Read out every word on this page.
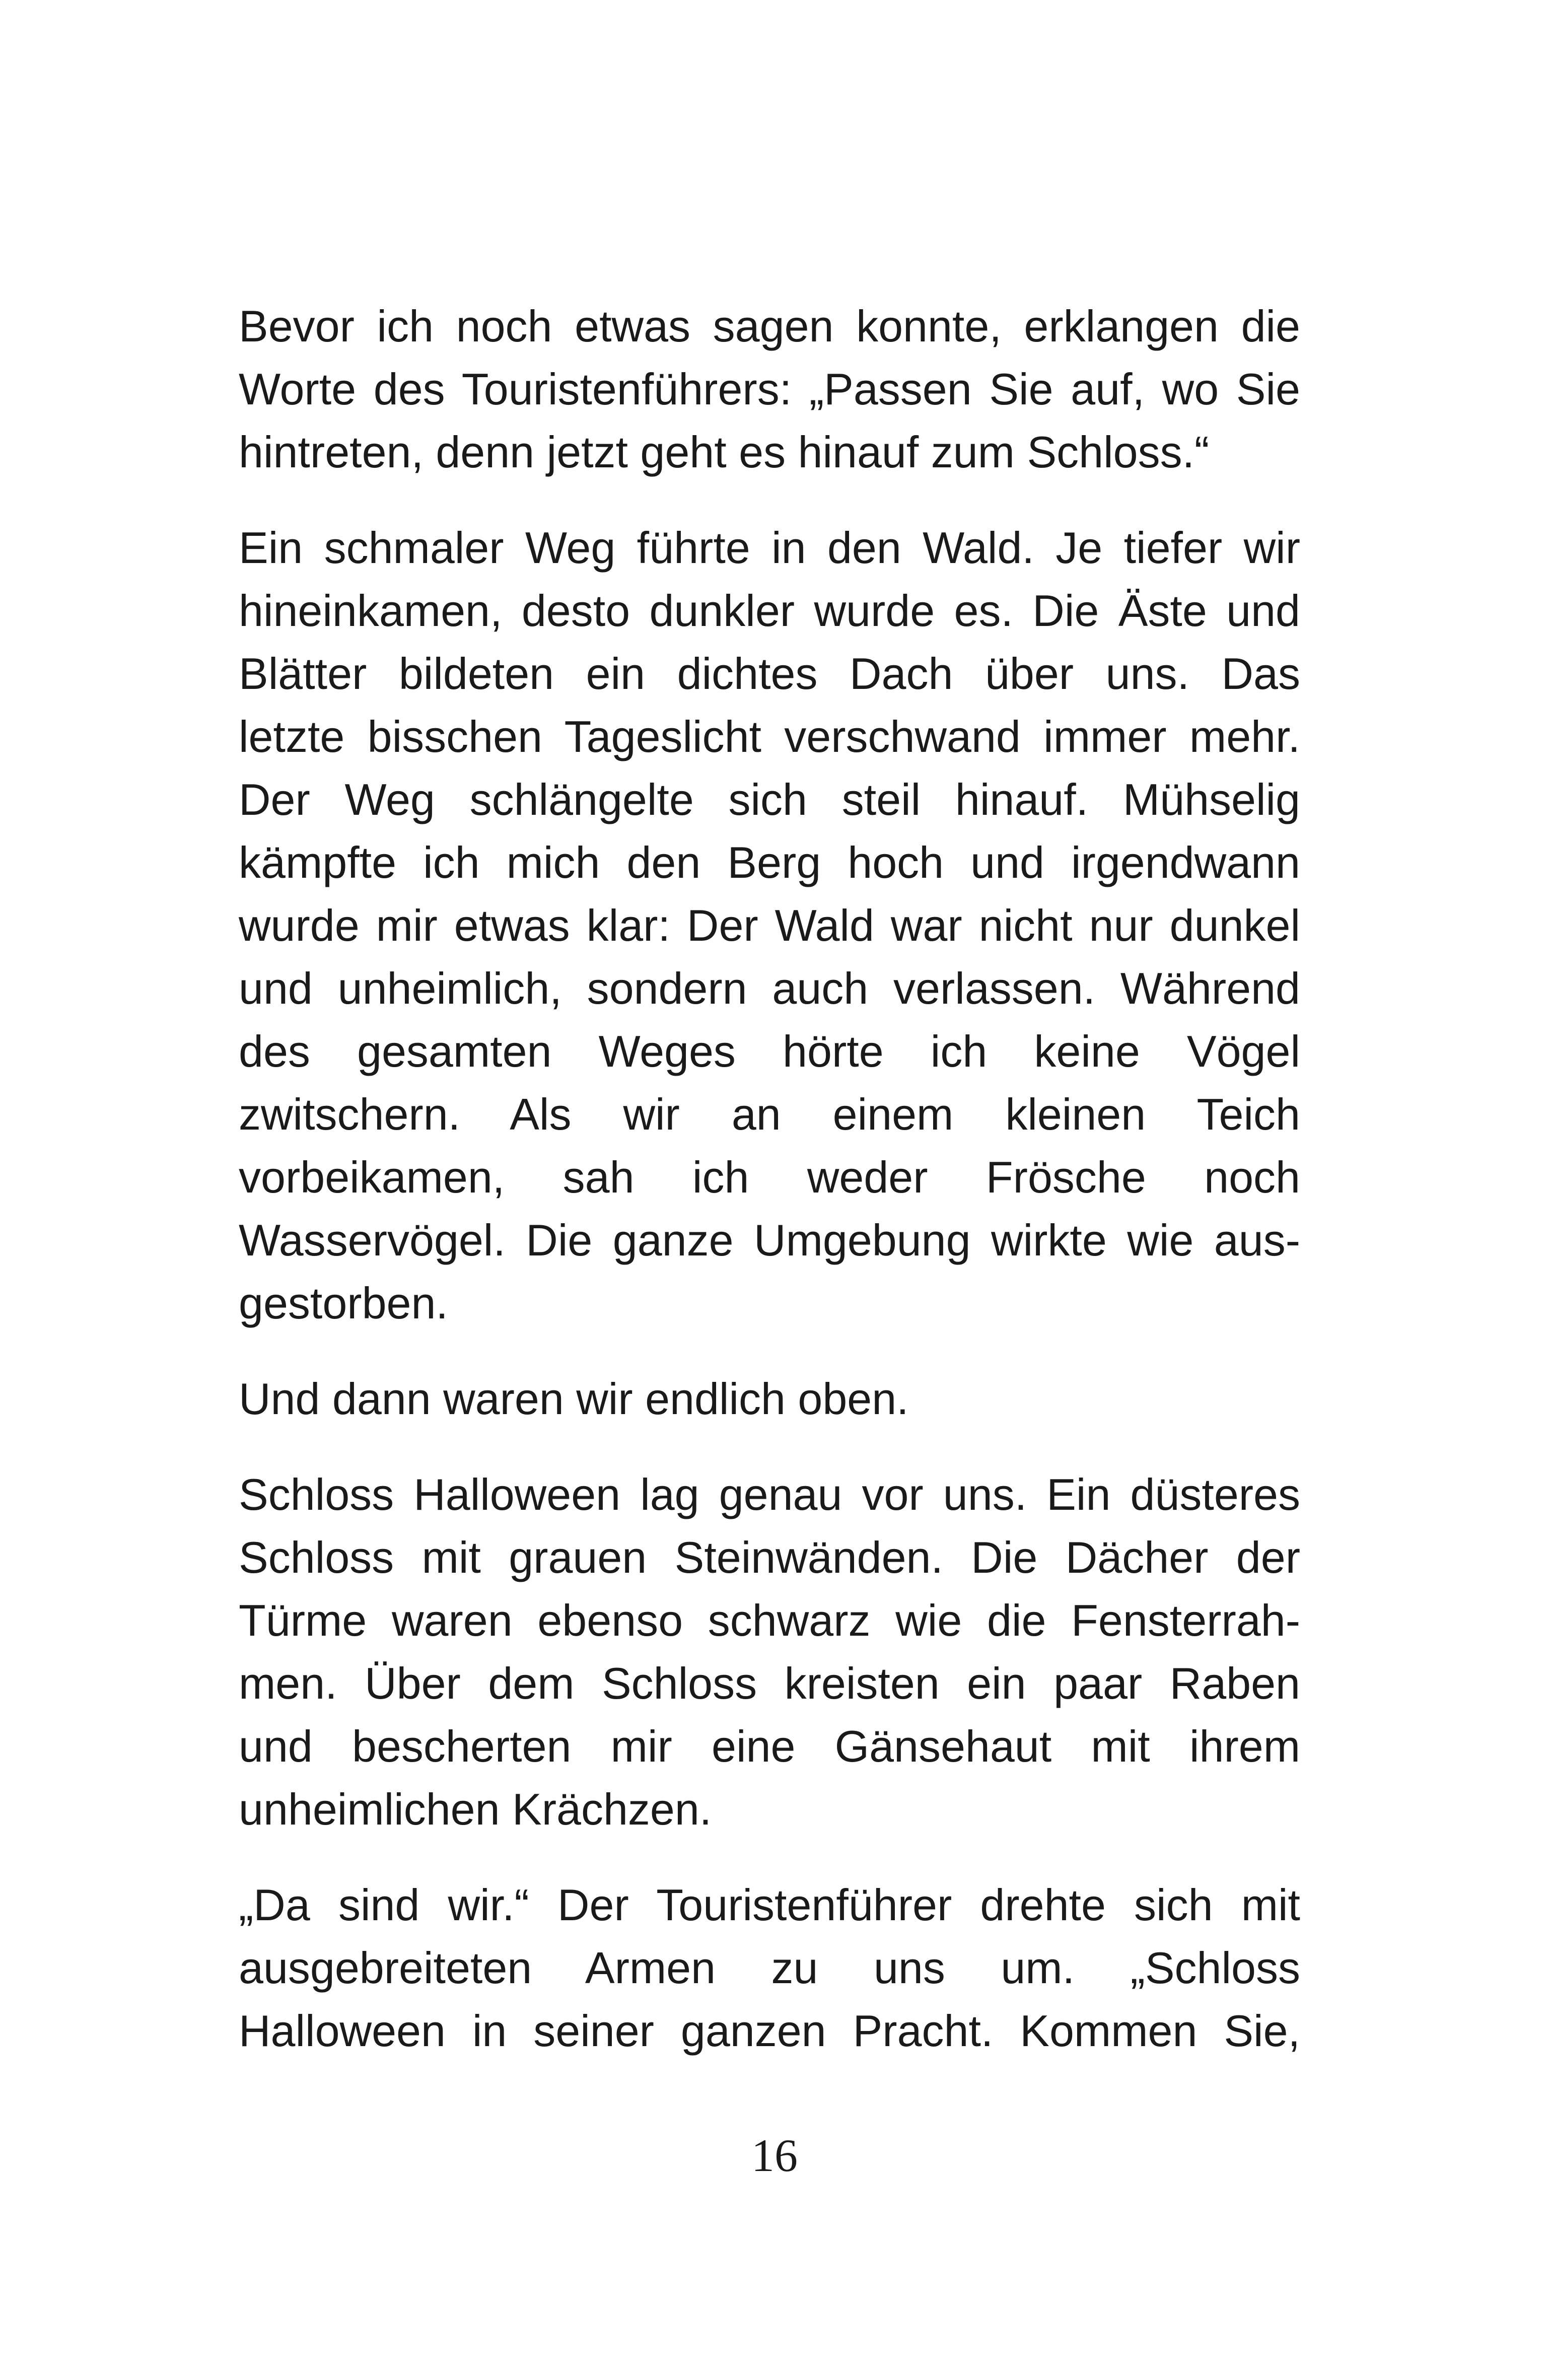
Bevor ich noch etwas sagen konnte, erklangen die
Worte des Touristenführers: „Passen Sie auf, wo Sie
hintreten, denn jetzt geht es hinauf zum Schloss.“

Ein schmaler Weg führte in den Wald. Je tiefer wir
hineinkamen, desto dunkler wurde es. Die Äste und
Blätter bildeten ein dichtes Dach über uns. Das
letzte bisschen Tageslicht verschwand immer mehr.
Der Weg schlängelte sich steil hinauf. Mühselig
kämpfte ich mich den Berg hoch und irgendwann
wurde mir etwas klar: Der Wald war nicht nur dunkel
und unheimlich, sondern auch verlassen. Während
des gesamten Weges hörte ich keine Vögel
zwitschern. Als wir an einem kleinen Teich
vorbeikamen, sah ich weder Frösche noch
Wasservögel. Die ganze Umgebung wirkte wie aus-
gestorben.

Und dann waren wir endlich oben.

Schloss Halloween lag genau vor uns. Ein düsteres
Schloss mit grauen Steinwänden. Die Dächer der
Türme waren ebenso schwarz wie die Fensterrah-
men. Über dem Schloss kreisten ein paar Raben
und bescherten mir eine Gänsehaut mit ihrem
unheimlichen Krächzen.

„Da sind wir.“ Der Touristenführer drehte sich mit
ausgebreiteten Armen zu uns um. „Schloss
Halloween in seiner ganzen Pracht. Kommen Sie,

16
